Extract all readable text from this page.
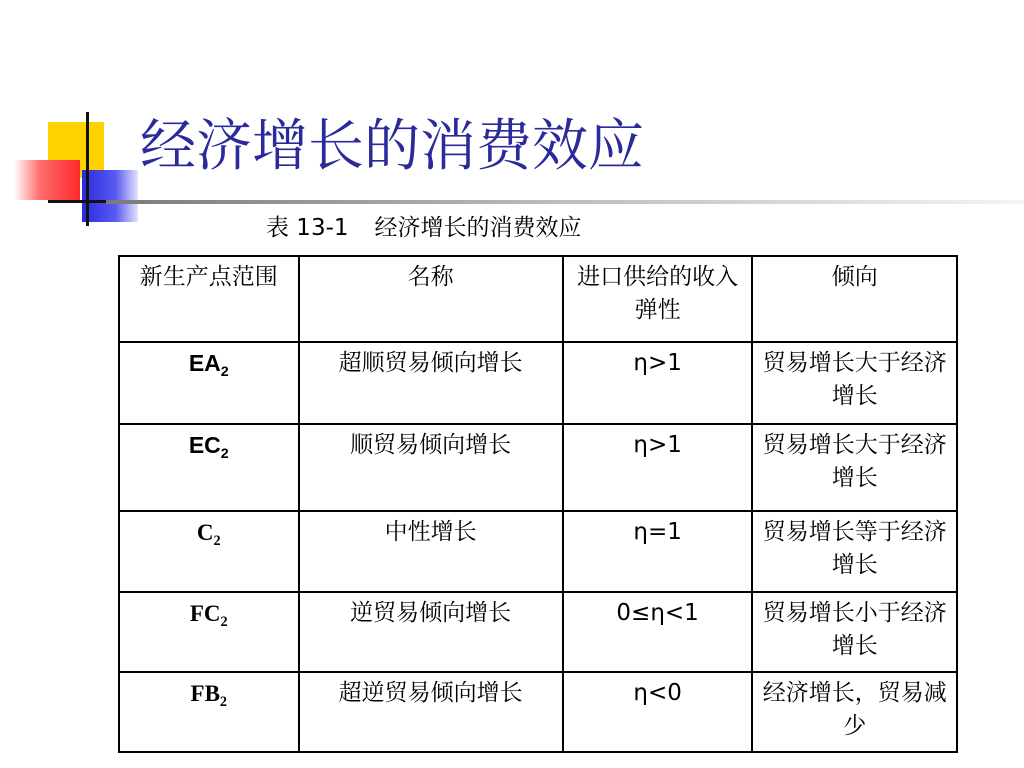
经济增长的消费效应
表 13-1 经济增长的消费效应
新生产点范围	名称	进口供给的收入弹性	倾向
$EA_2$	超顺贸易倾向增长	η>1	贸易增长大于经济增长
$EC_2$	顺贸易倾向增长	η>1	贸易增长大于经济增长
$C_2$	中性增长	η=1	贸易增长等于经济增长
$FC_2$	逆贸易倾向增长	0≤η<1	贸易增长小于经济增长
$FB_2$	超逆贸易倾向增长	η<0	经济增长，贸易减少
